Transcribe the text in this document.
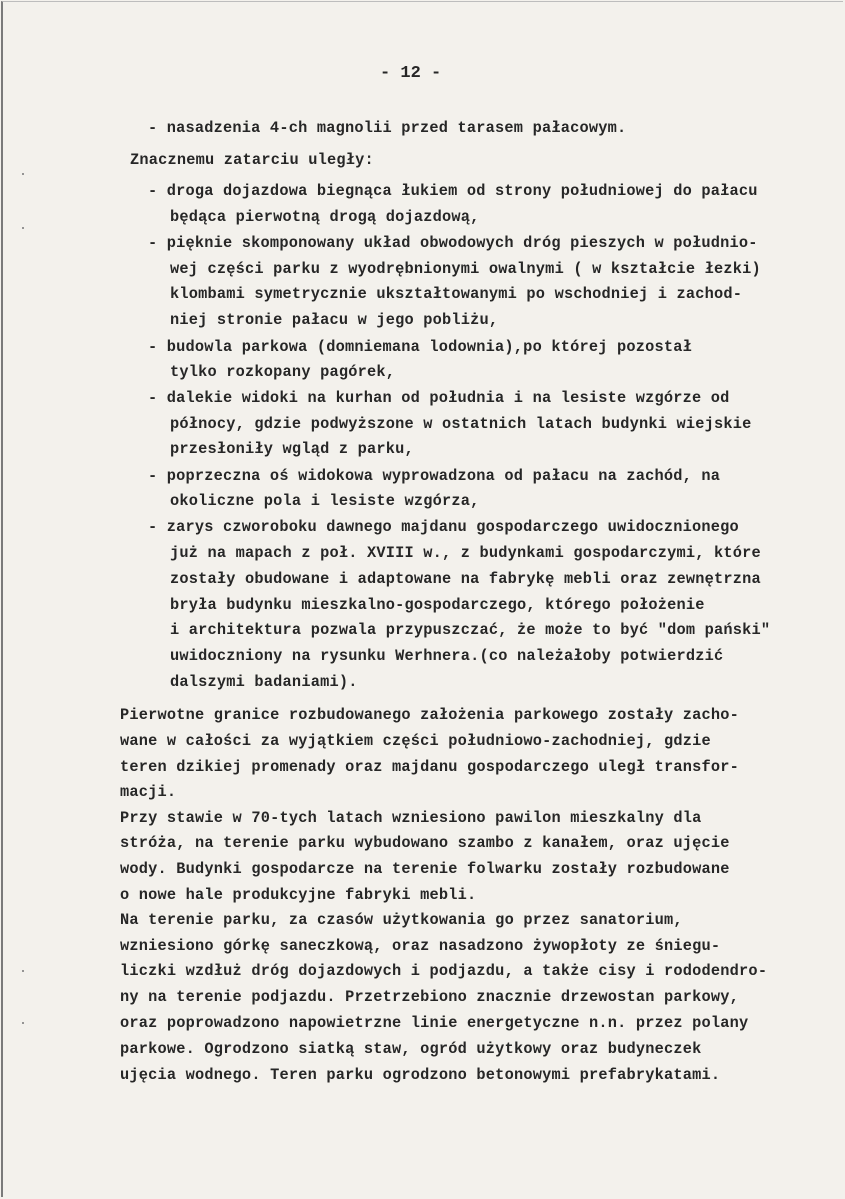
- 12 -
- nasadzenia 4-ch magnolii przed tarasem pałacowym.
Znacznemu zatarciu uległy:
- droga dojazdowa biegnąca łukiem od strony południowej do pałacu
będąca pierwotną drogą dojazdową,
- pięknie skomponowany układ obwodowych dróg pieszych w południo-
wej części parku z wyodrębnionymi owalnymi ( w kształcie łezki)
klombami symetrycznie ukształtowanymi po wschodniej i zachod-
niej stronie pałacu w jego pobliżu,
- budowla parkowa (domniemana lodownia),po której pozostał
tylko rozkopany pagórek,
- dalekie widoki na kurhan od południa i na lesiste wzgórze od
północy, gdzie podwyższone w ostatnich latach budynki wiejskie
przesłoniły wgląd z parku,
- poprzeczna oś widokowa wyprowadzona od pałacu na zachód, na
okoliczne pola i lesiste wzgórza,
- zarys czworoboku dawnego majdanu gospodarczego uwidocznionego
już na mapach z poł. XVIII w., z budynkami gospodarczymi, które
zostały obudowane i adaptowane na fabrykę mebli oraz zewnętrzna
bryła budynku mieszkalno-gospodarczego, którego położenie
i architektura pozwala przypuszczać, że może to być "dom pański"
uwidoczniony na rysunku Werhnera.(co należałoby potwierdzić
dalszymi badaniami).
Pierwotne granice rozbudowanego założenia parkowego zostały zacho-
wane w całości za wyjątkiem części południowo-zachodniej, gdzie
teren dzikiej promenady oraz majdanu gospodarczego uległ transfor-
macji.
Przy stawie w 70-tych latach wzniesiono pawilon mieszkalny dla
stróża, na terenie parku wybudowano szambo z kanałem, oraz ujęcie
wody. Budynki gospodarcze na terenie folwarku zostały rozbudowane
o nowe hale produkcyjne fabryki mebli.
Na terenie parku, za czasów użytkowania go przez sanatorium,
wzniesiono górkę saneczkową, oraz nasadzono żywopłoty ze śniegu-
liczki wzdłuż dróg dojazdowych i podjazdu, a także cisy i rododendro-
ny na terenie podjazdu. Przetrzebiono znacznie drzewostan parkowy,
oraz poprowadzono napowietrzne linie energetyczne n.n. przez polany
parkowe. Ogrodzono siatką staw, ogród użytkowy oraz budyneczek
ujęcia wodnego. Teren parku ogrodzono betonowymi prefabrykatami.
